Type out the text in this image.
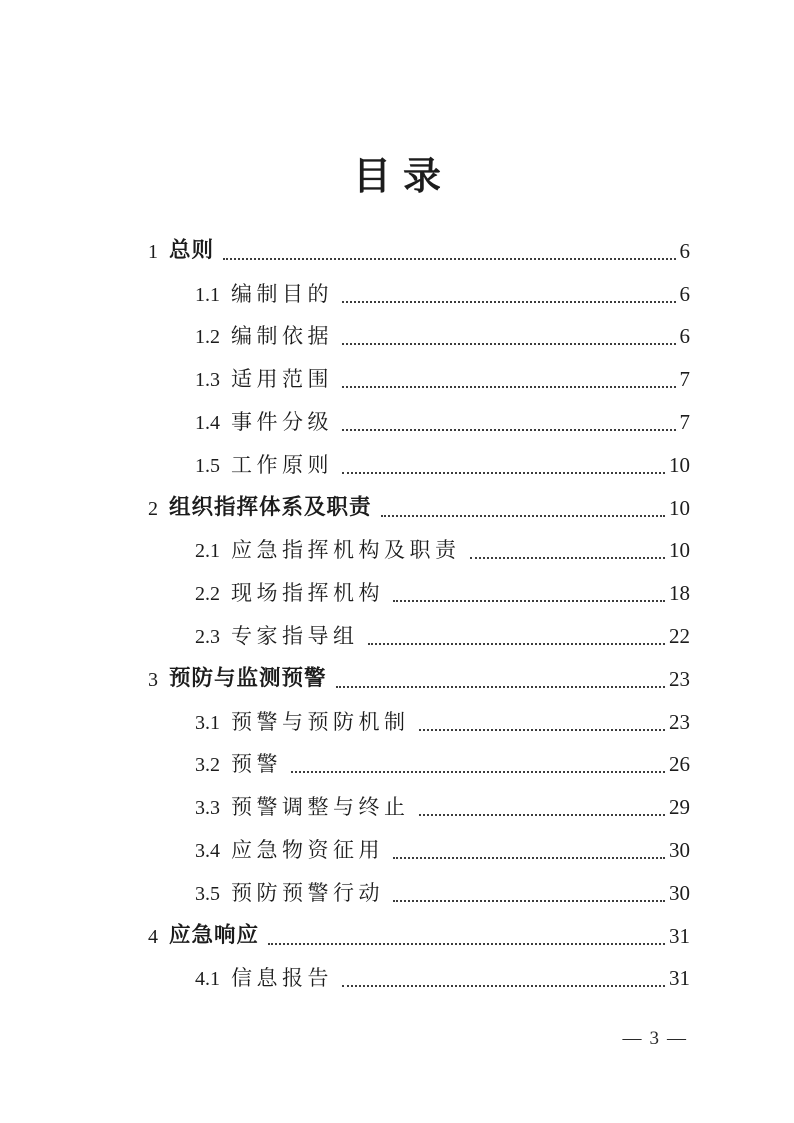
目录
1 总则	6
1.1 编制目的	6
1.2 编制依据	6
1.3 适用范围	7
1.4 事件分级	7
1.5 工作原则	10
2 组织指挥体系及职责	10
2.1 应急指挥机构及职责	10
2.2 现场指挥机构	18
2.3 专家指导组	22
3 预防与监测预警	23
3.1 预警与预防机制	23
3.2 预警	26
3.3 预警调整与终止	29
3.4 应急物资征用	30
3.5 预防预警行动	30
4 应急响应	31
4.1 信息报告	31
— 3 —
